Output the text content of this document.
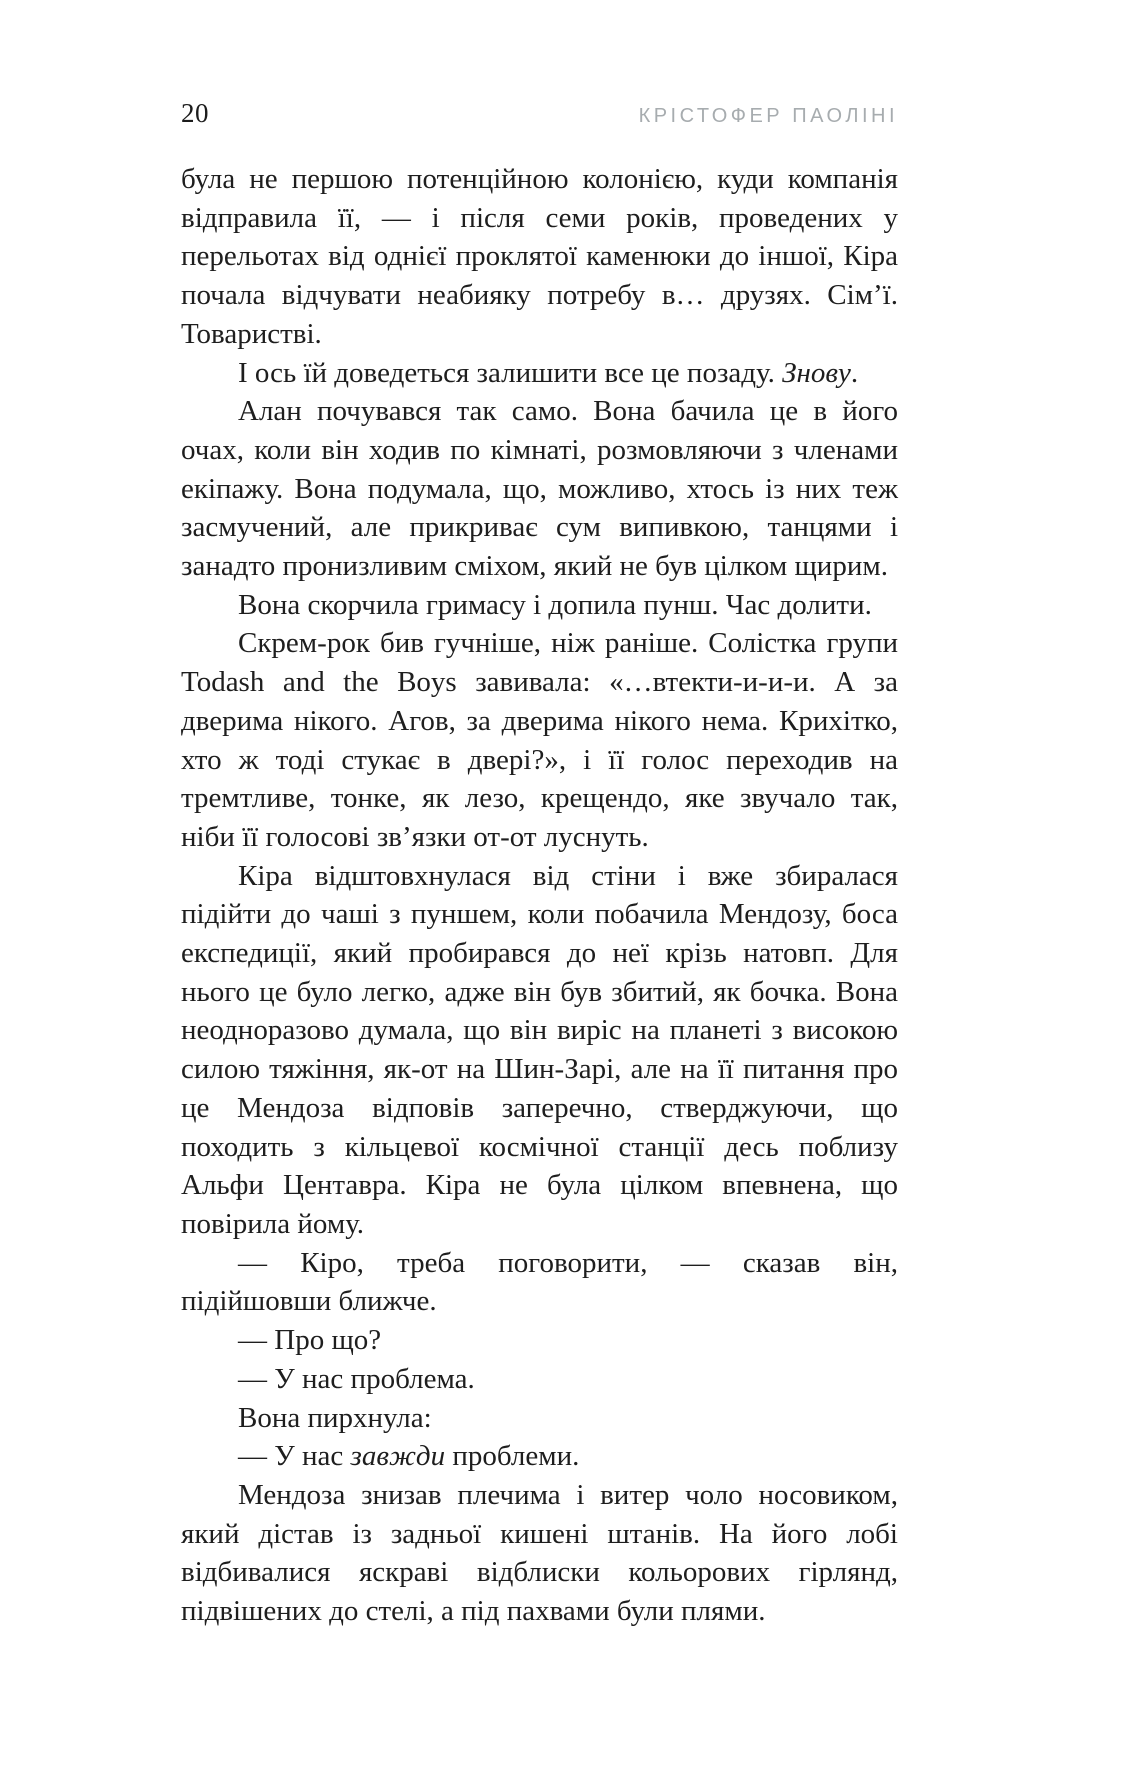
20	КРІСТОФЕР ПАОЛІНІ

була не першою потенційною колонією, куди компанія відправила її, — і після семи років, проведених у перельотах від однієї проклятої каменюки до іншої, Кіра почала відчувати неабияку потребу в… друзях. Сім’ї. Товаристві.

І ось їй доведеться залишити все це позаду. Знову.

Алан почувався так само. Вона бачила це в його очах, коли він ходив по кімнаті, розмовляючи з членами екіпажу. Вона подумала, що, можливо, хтось із них теж засмучений, але прикриває сум випивкою, танцями і занадто пронизливим сміхом, який не був цілком щирим.

Вона скорчила гримасу і допила пунш. Час долити.

Скрем-рок бив гучніше, ніж раніше. Солістка групи Todash and the Boys завивала: «…втекти-и-и-и. А за дверима нікого. Агов, за дверима нікого нема. Крихітко, хто ж тоді стукає в двері?», і її голос переходив на тремтливе, тонке, як лезо, крещендо, яке звучало так, ніби її голосові зв’язки от-от луснуть.

Кіра відштовхнулася від стіни і вже збиралася підійти до чаші з пуншем, коли побачила Мендозу, боса експедиції, який пробирався до неї крізь натовп. Для нього це було легко, адже він був збитий, як бочка. Вона неодноразово думала, що він виріс на планеті з високою силою тяжіння, як-от на Шин-Зарі, але на її питання про це Мендоза відповів заперечно, стверджуючи, що походить з кільцевої космічної станції десь поблизу Альфи Центавра. Кіра не була цілком впевнена, що повірила йому.

— Кіро, треба поговорити, — сказав він, підійшовши ближче.

— Про що?

— У нас проблема.

Вона пирхнула:

— У нас завжди проблеми.

Мендоза знизав плечима і витер чоло носовиком, який дістав із задньої кишені штанів. На його лобі відбивалися яскраві відблиски кольорових гірлянд, підвішених до стелі, а під пахвами були плями.
